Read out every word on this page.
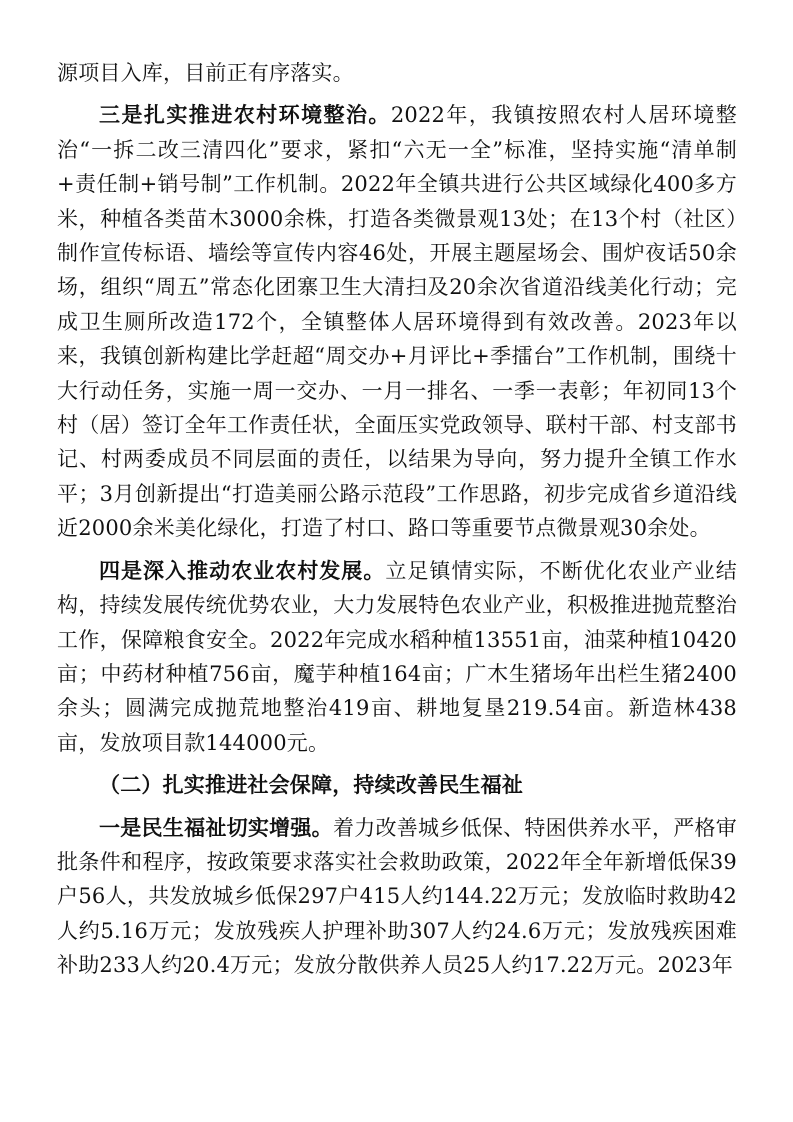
源项目入库，目前正有序落实。

三是扎实推进农村环境整治。2022年，我镇按照农村人居环境整治“一拆二改三清四化”要求，紧扣“六无一全”标准，坚持实施“清单制+责任制+销号制”工作机制。2022年全镇共进行公共区域绿化400多方米，种植各类苗木3000余株，打造各类微景观13处；在13个村（社区）制作宣传标语、墙绘等宣传内容46处，开展主题屋场会、围炉夜话50余场，组织“周五”常态化团寨卫生大清扫及20余次省道沿线美化行动；完成卫生厕所改造172个，全镇整体人居环境得到有效改善。2023年以来，我镇创新构建比学赶超“周交办+月评比+季擂台”工作机制，围绕十大行动任务，实施一周一交办、一月一排名、一季一表彰；年初同13个村（居）签订全年工作责任状，全面压实党政领导、联村干部、村支部书记、村两委成员不同层面的责任，以结果为导向，努力提升全镇工作水平；3月创新提出“打造美丽公路示范段”工作思路，初步完成省乡道沿线近2000余米美化绿化，打造了村口、路口等重要节点微景观30余处。

四是深入推动农业农村发展。立足镇情实际，不断优化农业产业结构，持续发展传统优势农业，大力发展特色农业产业，积极推进抛荒整治工作，保障粮食安全。2022年完成水稻种植13551亩，油菜种植10420亩；中药材种植756亩，魔芋种植164亩；广木生猪场年出栏生猪2400余头；圆满完成抛荒地整治419亩、耕地复垦219.54亩。新造林438亩，发放项目款144000元。

（二）扎实推进社会保障，持续改善民生福祉

一是民生福祉切实增强。着力改善城乡低保、特困供养水平，严格审批条件和程序，按政策要求落实社会救助政策，2022年全年新增低保39户56人，共发放城乡低保297户415人约144.22万元；发放临时救助42人约5.16万元；发放残疾人护理补助307人约24.6万元；发放残疾困难补助233人约20.4万元；发放分散供养人员25人约17.22万元。2023年
